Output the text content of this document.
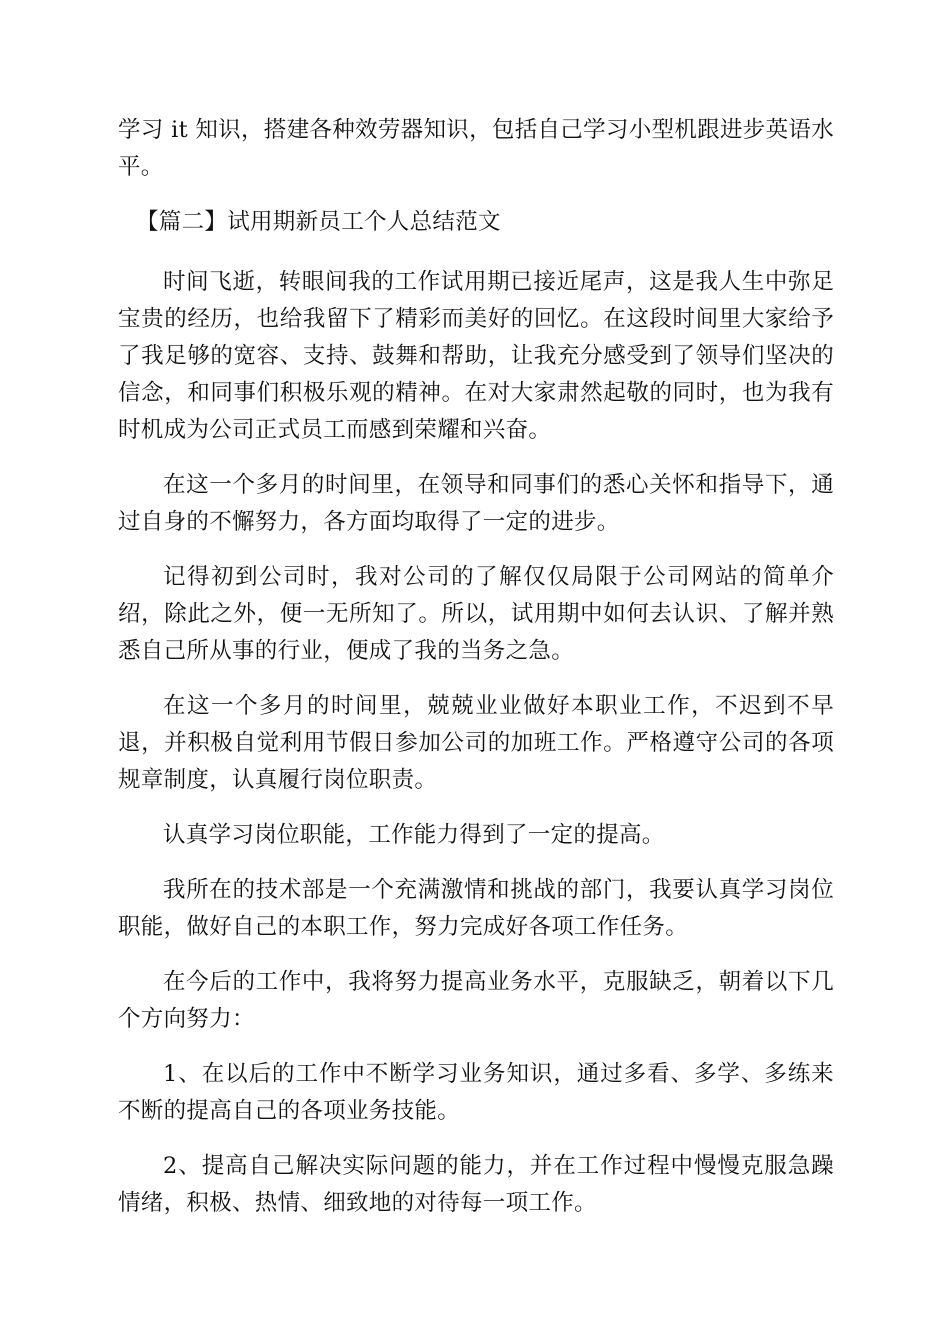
学习 it 知识，搭建各种效劳器知识，包括自己学习小型机跟进步英语水平。

【篇二】试用期新员工个人总结范文

时间飞逝，转眼间我的工作试用期已接近尾声，这是我人生中弥足宝贵的经历，也给我留下了精彩而美好的回忆。在这段时间里大家给予了我足够的宽容、支持、鼓舞和帮助，让我充分感受到了领导们坚决的信念，和同事们积极乐观的精神。在对大家肃然起敬的同时，也为我有时机成为公司正式员工而感到荣耀和兴奋。

在这一个多月的时间里，在领导和同事们的悉心关怀和指导下，通过自身的不懈努力，各方面均取得了一定的进步。

记得初到公司时，我对公司的了解仅仅局限于公司网站的简单介绍，除此之外，便一无所知了。所以，试用期中如何去认识、了解并熟悉自己所从事的行业，便成了我的当务之急。

在这一个多月的时间里，兢兢业业做好本职业工作，不迟到不早退，并积极自觉利用节假日参加公司的加班工作。严格遵守公司的各项规章制度，认真履行岗位职责。

认真学习岗位职能，工作能力得到了一定的提高。

我所在的技术部是一个充满激情和挑战的部门，我要认真学习岗位职能，做好自己的本职工作，努力完成好各项工作任务。

在今后的工作中，我将努力提高业务水平，克服缺乏，朝着以下几个方向努力：

1、在以后的工作中不断学习业务知识，通过多看、多学、多练来不断的提高自己的各项业务技能。

2、提高自己解决实际问题的能力，并在工作过程中慢慢克服急躁情绪，积极、热情、细致地的对待每一项工作。
